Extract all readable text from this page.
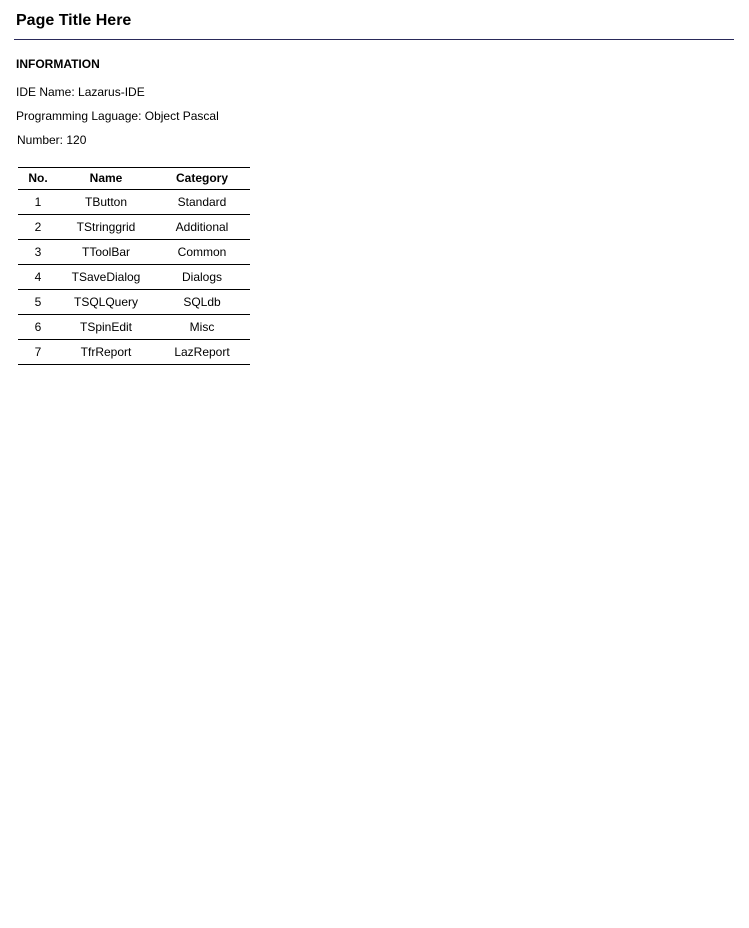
Page Title Here
INFORMATION

IDE Name: Lazarus-IDE

Programming Laguage: Object Pascal

Number: 120

No.	Name	Category
1	TButton	Standard
2	TStringgrid	Additional
3	TToolBar	Common
4	TSaveDialog	Dialogs
5	TSQLQuery	SQLdb
6	TSpinEdit	Misc
7	TfrReport	LazReport
